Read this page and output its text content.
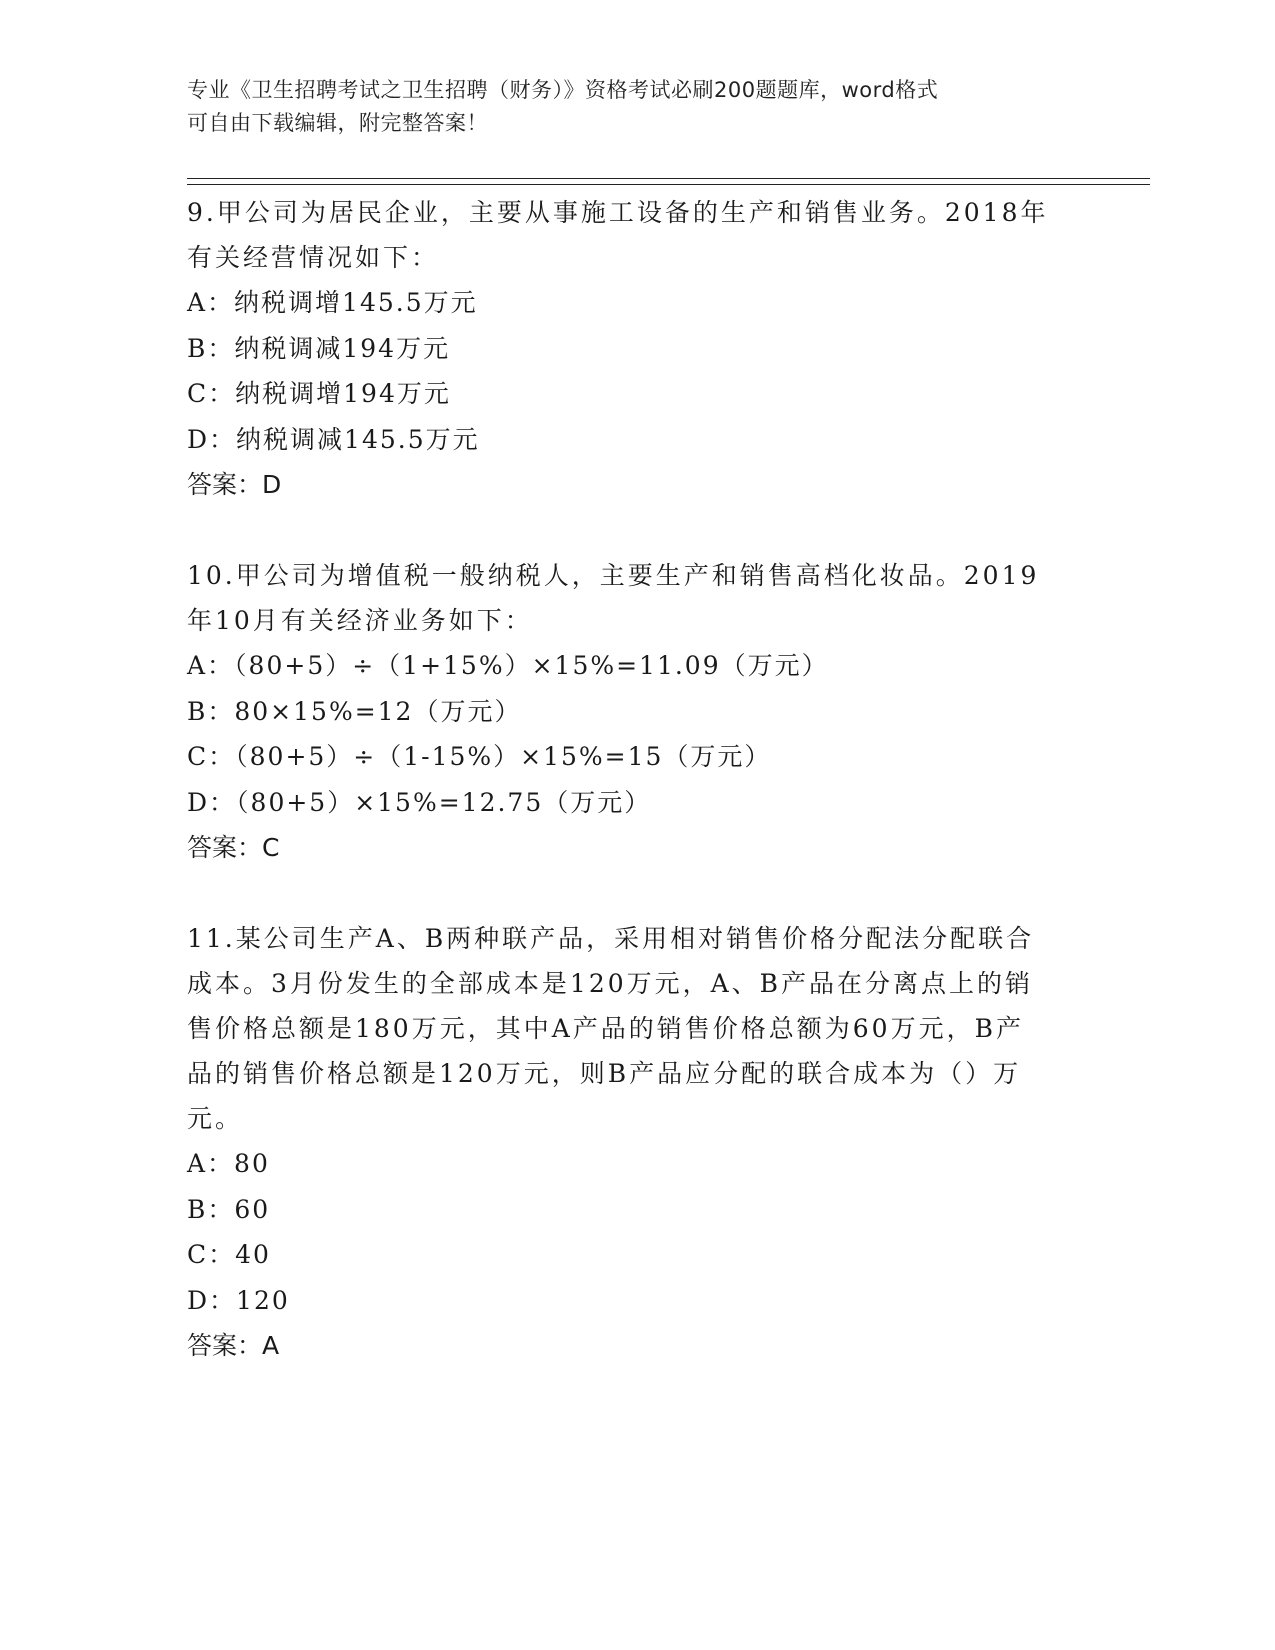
专业《卫生招聘考试之卫生招聘（财务）》资格考试必刷200题题库，word格式
可自由下载编辑，附完整答案！

9.甲公司为居民企业，主要从事施工设备的生产和销售业务。2018年

有关经营情况如下：

A：纳税调增145.5万元

B：纳税调减194万元

C：纳税调增194万元

D：纳税调减145.5万元

答案：D

10.甲公司为增值税一般纳税人，主要生产和销售高档化妆品。2019

年10月有关经济业务如下：

A：（80+5）÷（1+15%）×15%=11.09（万元）

B：80×15%=12（万元）

C：（80+5）÷（1-15%）×15%=15（万元）

D：（80+5）×15%=12.75（万元）

答案：C

11.某公司生产A、B两种联产品，采用相对销售价格分配法分配联合

成本。3月份发生的全部成本是120万元，A、B产品在分离点上的销

售价格总额是180万元，其中A产品的销售价格总额为60万元，B产

品的销售价格总额是120万元，则B产品应分配的联合成本为（）万

元。

A：80

B：60

C：40

D：120

答案：A
